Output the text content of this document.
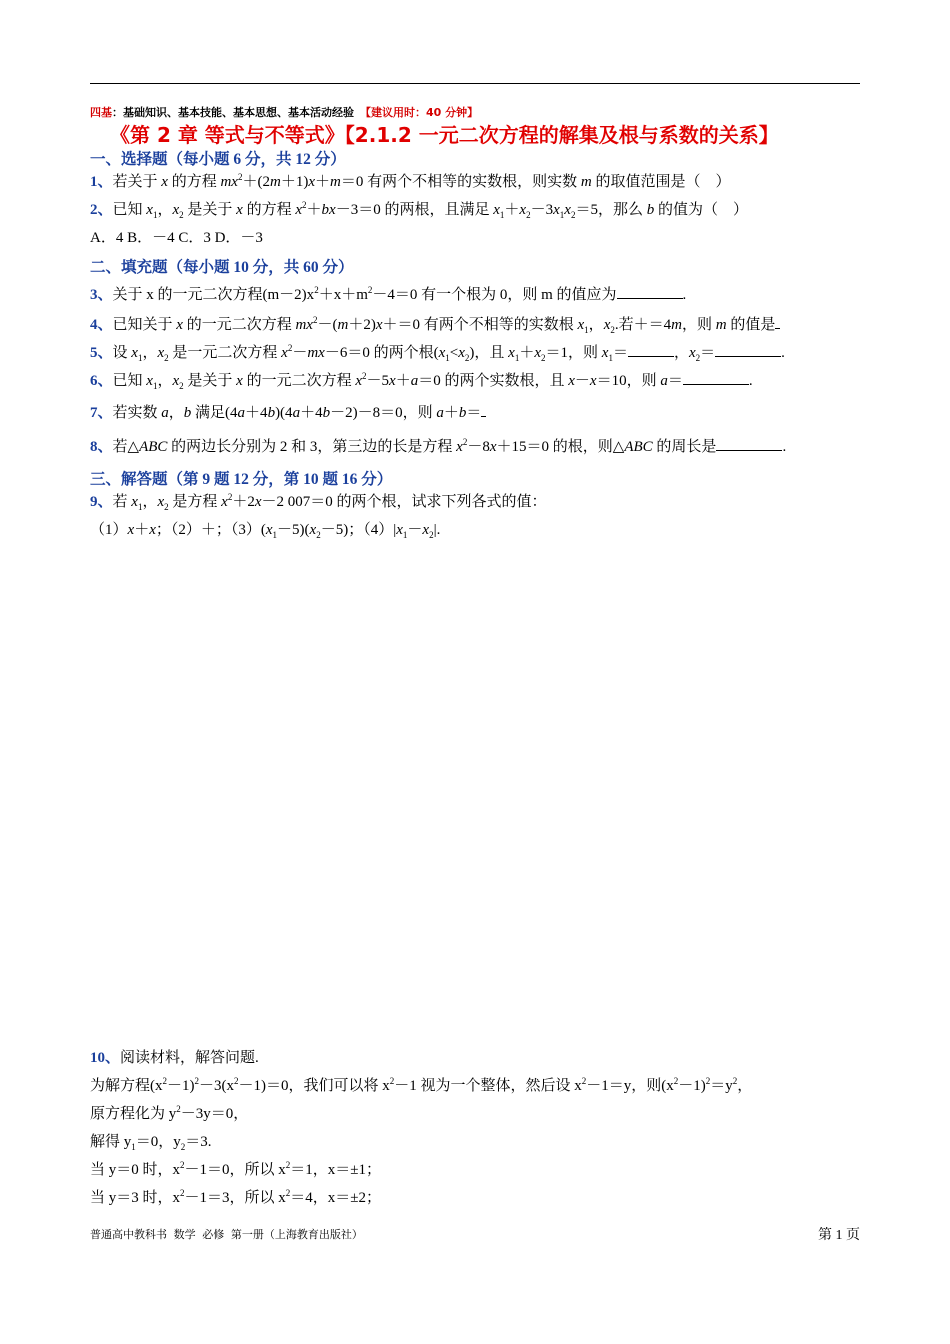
四基：基础知识、基本技能、基本思想、基本活动经验 【建议用时：40 分钟】
《第 2 章 等式与不等式》【2.1.2 一元二次方程的解集及根与系数的关系】
一、选择题（每小题 6 分，共 12 分）
1、若关于 x 的方程 $mx^2+(2m+1)x+m=0$ 有两个不相等的实数根，则实数 m 的取值范围是（　）
2、已知 $x_1$，$x_2$ 是关于 x 的方程 $x^2+bx-3=0$ 的两根，且满足 $x_1+x_2-3x_1x_2=5$，那么 b 的值为（　）
A．4 B．－4 C．3 D．－3
二、填充题（每小题 10 分，共 60 分）
3、关于 x 的一元二次方程$(m-2)x^2+x+m^2-4=0$ 有一个根为 0，则 m 的值应为	.
4、已知关于 x 的一元二次方程 $mx^2-(m+2)x+=0$ 有两个不相等的实数根 $x_1$，$x_2$.若＋＝4m，则 m 的值是
5、设 $x_1$，$x_2$ 是一元二次方程 $x^2-mx-6=0$ 的两个根$(x_1<x_2)$，且 $x_1+x_2=1$，则 $x_1=$	，$x_2=$	.
6、已知 $x_1$，$x_2$ 是关于 x 的一元二次方程 $x^2-5x+a=0$ 的两个实数根，且 x－x＝10，则 a＝	.
7、若实数 a，b 满足(4a＋4b)(4a＋4b－2)－8＝0，则 a＋b＝
8、若△ABC 的两边长分别为 2 和 3，第三边的长是方程 $x^2-8x+15=0$ 的根，则△ABC 的周长是	.
三、解答题（第 9 题 12 分，第 10 题 16 分）
9、若 $x_1$，$x_2$ 是方程 $x^2+2x-2$ 007＝0 的两个根，试求下列各式的值：
（1）x＋x；（2）＋；$(3)(x_1-5)(x_2-5)$；$(4)|x_1-x_2|$.
10、阅读材料，解答问题.
为解方程$(x^2-1)^2-3(x^2-1)=0$，我们可以将 $x^2-1$ 视为一个整体，然后设 $x^2-1=y$，则$(x^2-1)^2=y^2$，
原方程化为 $y^2-3y=0$，
解得 $y_1=0$，$y_2=3$.
当 y＝0 时，$x^2-1=0$，所以 $x^2=1$，x＝±1；
当 y＝3 时，$x^2-1=3$，所以 $x^2=4$，x＝±2；
普通高中教科书 数学 必修 第一册（上海教育出版社）	第 1 页
